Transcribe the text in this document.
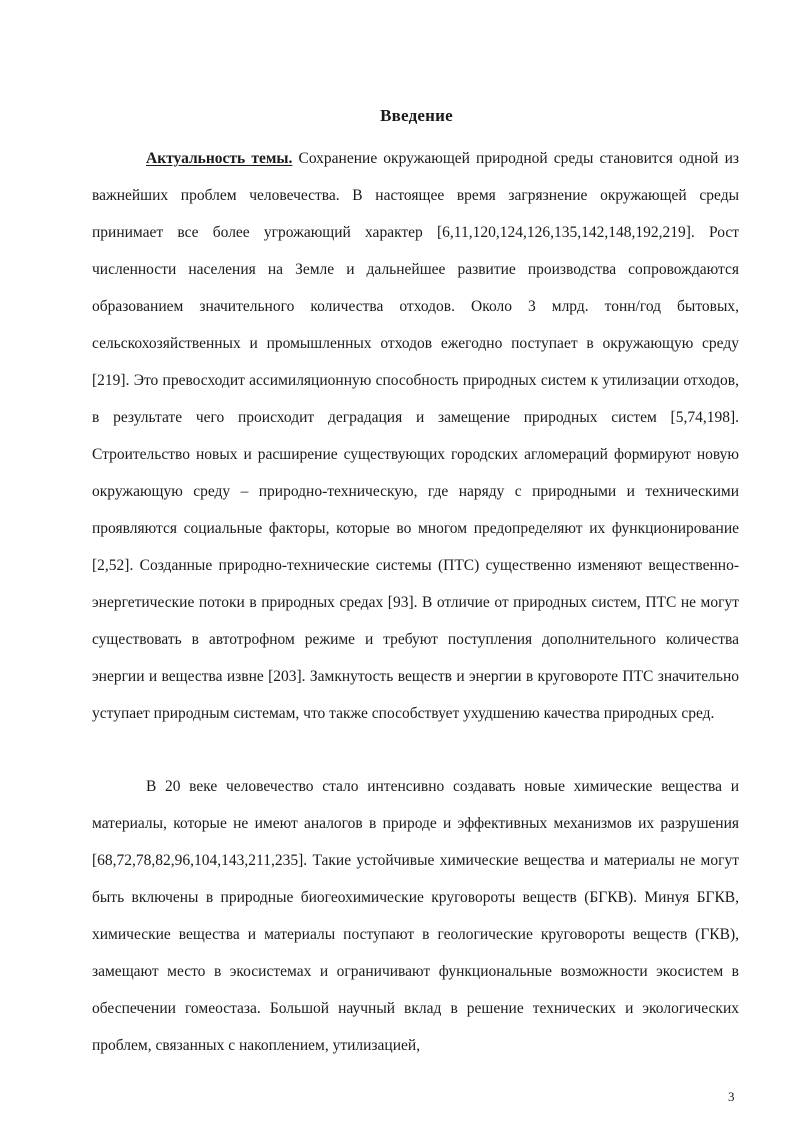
Введение

Актуальность темы. Сохранение окружающей природной среды становится одной из важнейших проблем человечества. В настоящее время загрязнение окружающей среды принимает все более угрожающий характер [6,11,120,124,126,135,142,148,192,219]. Рост численности населения на Земле и дальнейшее развитие производства сопровождаются образованием значительного количества отходов. Около 3 млрд. тонн/год бытовых, сельскохозяйственных и промышленных отходов ежегодно поступает в окружающую среду [219]. Это превосходит ассимиляционную способность природных систем к утилизации отходов, в результате чего происходит деградация и замещение природных систем [5,74,198]. Строительство новых и расширение существующих городских агломераций формируют новую окружающую среду – природно-техническую, где наряду с природными и техническими проявляются социальные факторы, которые во многом предопределяют их функционирование [2,52]. Созданные природно-технические системы (ПТС) существенно изменяют вещественно-энергетические потоки в природных средах [93]. В отличие от природных систем, ПТС не могут существовать в автотрофном режиме и требуют поступления дополнительного количества энергии и вещества извне [203]. Замкнутость веществ и энергии в круговороте ПТС значительно уступает природным системам, что также способствует ухудшению качества природных сред.

В 20 веке человечество стало интенсивно создавать новые химические вещества и материалы, которые не имеют аналогов в природе и эффективных механизмов их разрушения [68,72,78,82,96,104,143,211,235]. Такие устойчивые химические вещества и материалы не могут быть включены в природные биогеохимические круговороты веществ (БГКВ). Минуя БГКВ, химические вещества и материалы поступают в геологические круговороты веществ (ГКВ), замещают место в экосистемах и ограничивают функциональные возможности экосистем в обеспечении гомеостаза. Большой научный вклад в решение технических и экологических проблем, связанных с накоплением, утилизацией,

3
